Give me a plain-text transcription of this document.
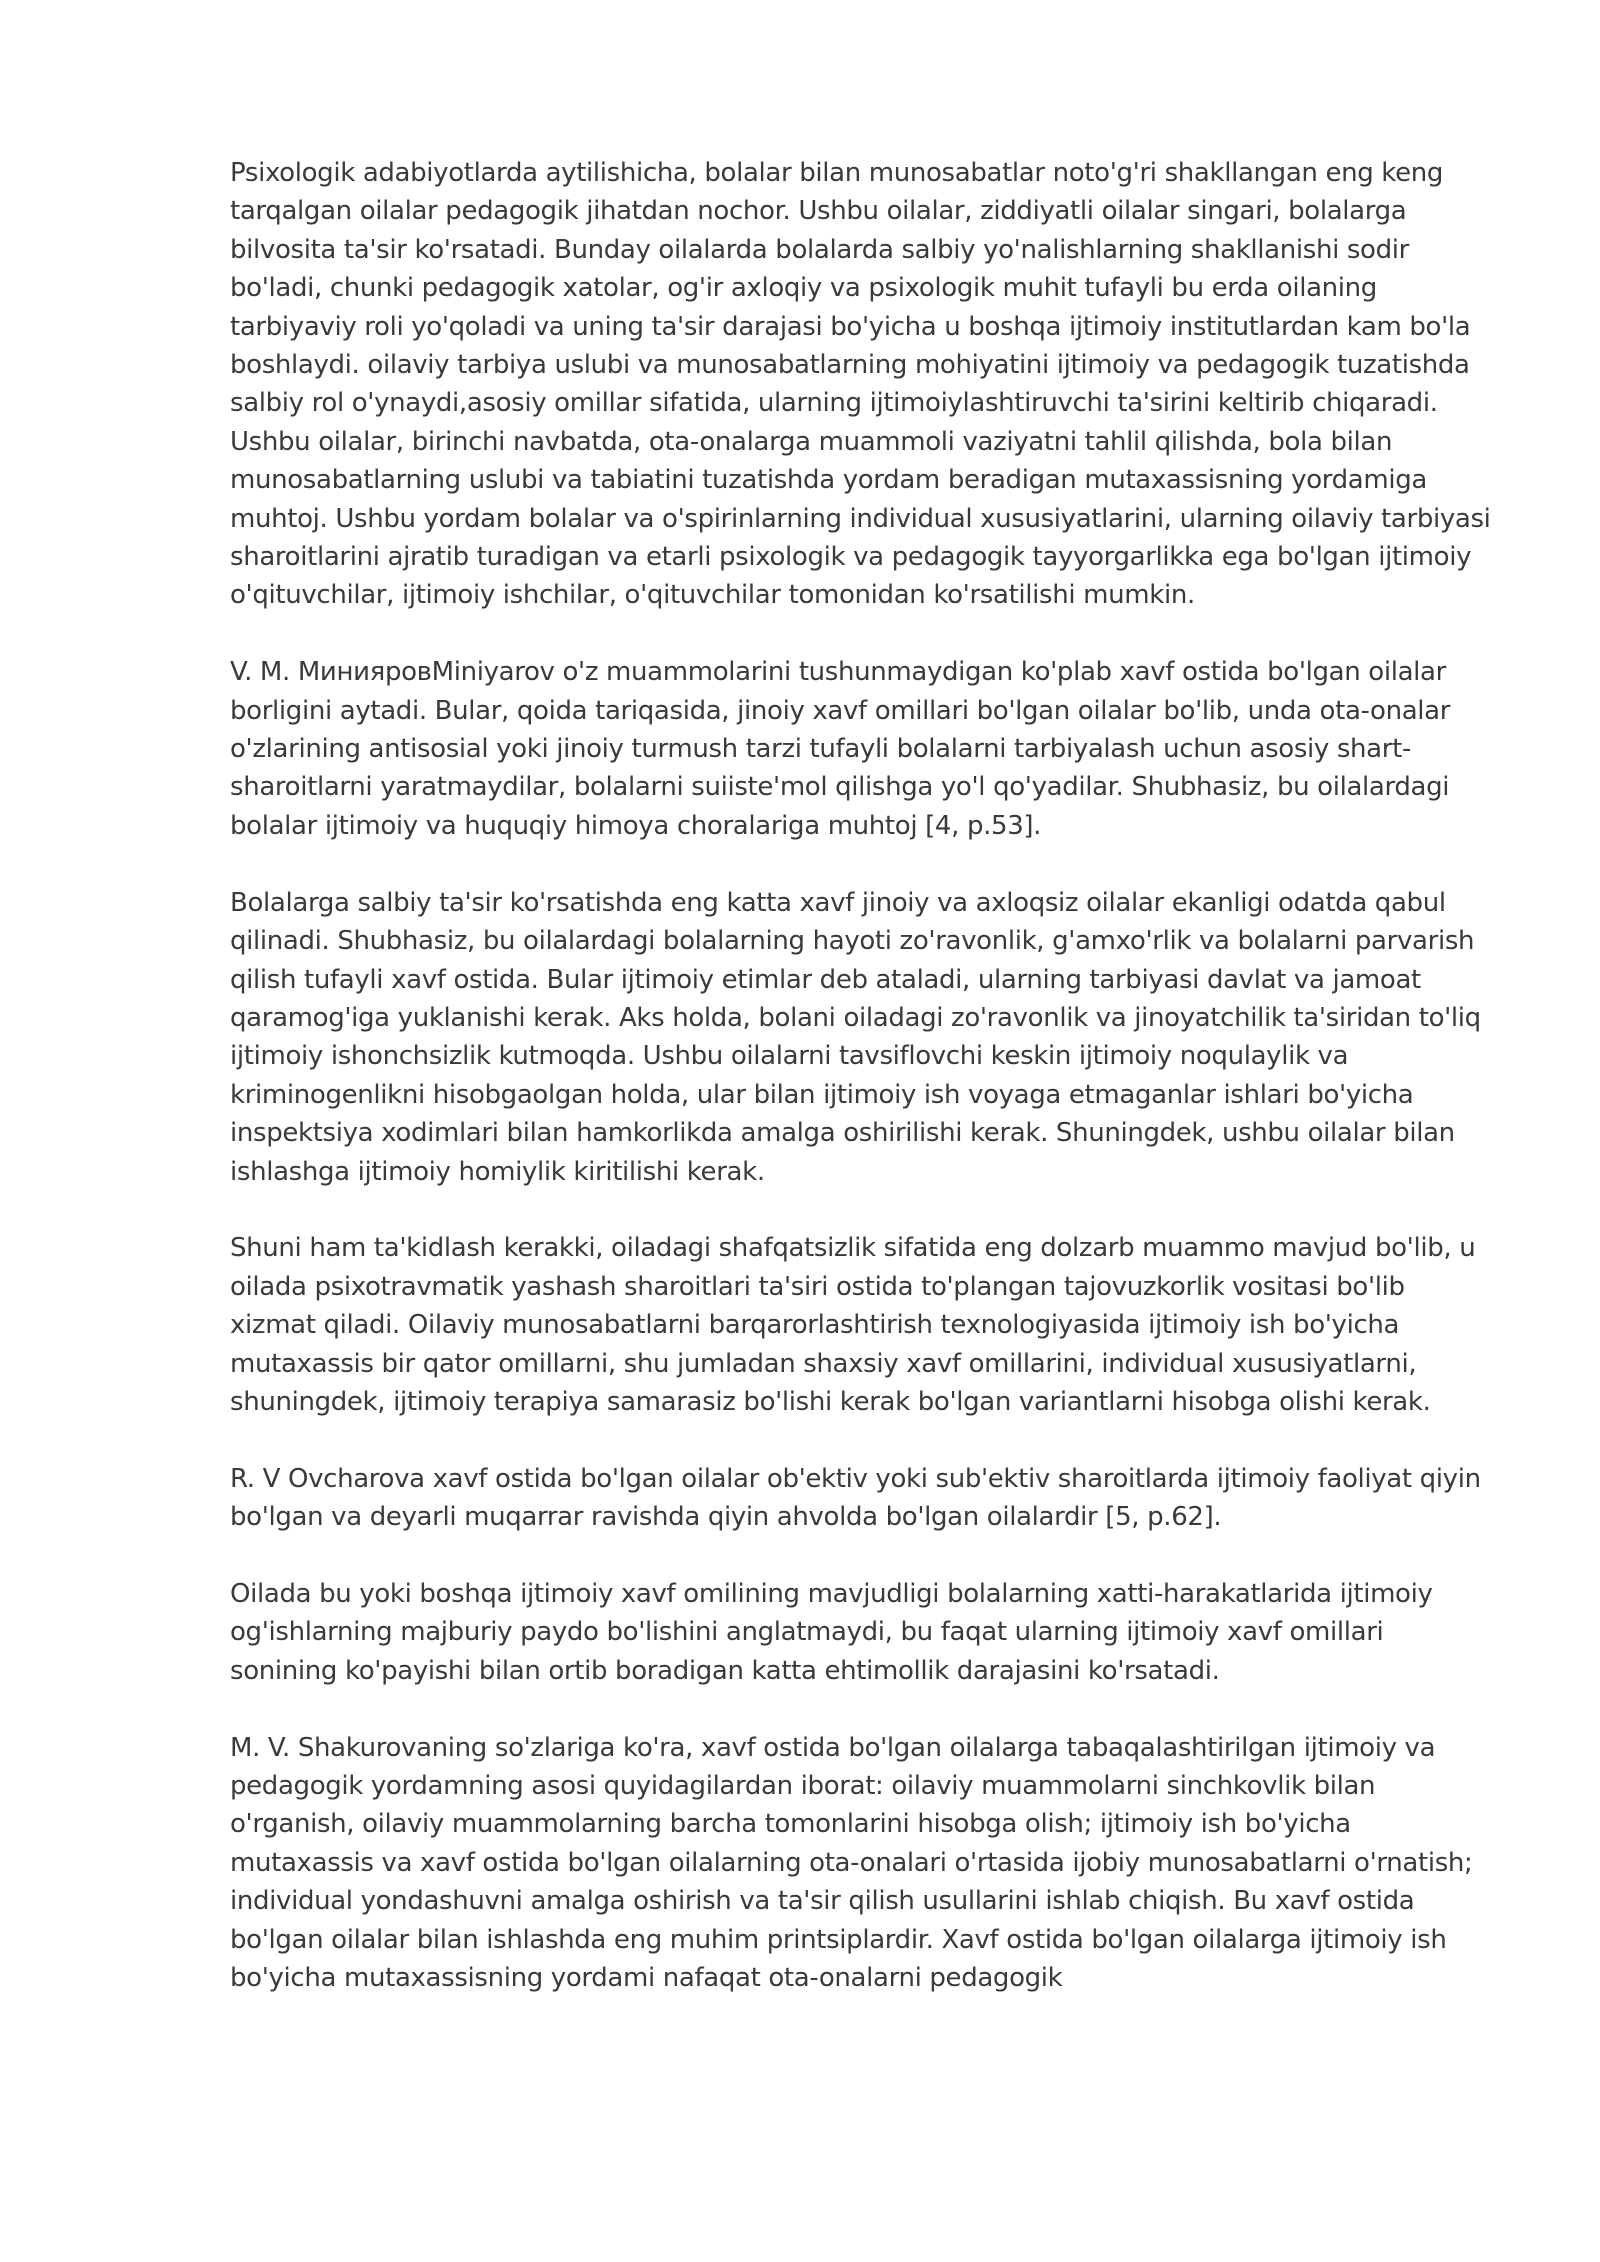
Psixologik adabiyotlarda aytilishicha, bolalar bilan munosabatlar noto'g'ri shakllangan eng keng tarqalgan oilalar pedagogik jihatdan nochor. Ushbu oilalar, ziddiyatli oilalar singari, bolalarga bilvosita ta'sir ko'rsatadi. Bunday oilalarda bolalarda salbiy yo'nalishlarning shakllanishi sodir bo'ladi, chunki pedagogik xatolar, og'ir axloqiy va psixologik muhit tufayli bu erda oilaning tarbiyaviy roli yo'qoladi va uning ta'sir darajasi bo'yicha u boshqa ijtimoiy institutlardan kam bo'la boshlaydi. oilaviy tarbiya uslubi va munosabatlarning mohiyatini ijtimoiy va pedagogik tuzatishda salbiy rol o'ynaydi,asosiy omillar sifatida, ularning ijtimoiylashtiruvchi ta'sirini keltirib chiqaradi. Ushbu oilalar, birinchi navbatda, ota-onalarga muammoli vaziyatni tahlil qilishda, bola bilan munosabatlarning uslubi va tabiatini tuzatishda yordam beradigan mutaxassisning yordamiga muhtoj. Ushbu yordam bolalar va o'spirinlarning individual xususiyatlarini, ularning oilaviy tarbiyasi sharoitlarini ajratib turadigan va etarli psixologik va pedagogik tayyorgarlikka ega bo'lgan ijtimoiy o'qituvchilar, ijtimoiy ishchilar, o'qituvchilar tomonidan ko'rsatilishi mumkin.

V. M. МинияровMiniyarov o'z muammolarini tushunmaydigan ko'plab xavf ostida bo'lgan oilalar borligini aytadi. Bular, qoida tariqasida, jinoiy xavf omillari bo'lgan oilalar bo'lib, unda ota-onalar o'zlarining antisosial yoki jinoiy turmush tarzi tufayli bolalarni tarbiyalash uchun asosiy shart-sharoitlarni yaratmaydilar, bolalarni suiiste'mol qilishga yo'l qo'yadilar. Shubhasiz, bu oilalardagi bolalar ijtimoiy va huquqiy himoya choralariga muhtoj [4, p.53].

Bolalarga salbiy ta'sir ko'rsatishda eng katta xavf jinoiy va axloqsiz oilalar ekanligi odatda qabul qilinadi. Shubhasiz, bu oilalardagi bolalarning hayoti zo'ravonlik, g'amxo'rlik va bolalarni parvarish qilish tufayli xavf ostida. Bular ijtimoiy etimlar deb ataladi, ularning tarbiyasi davlat va jamoat qaramog'iga yuklanishi kerak. Aks holda, bolani oiladagi zo'ravonlik va jinoyatchilik ta'siridan to'liq ijtimoiy ishonchsizlik kutmoqda. Ushbu oilalarni tavsiflovchi keskin ijtimoiy noqulaylik va kriminogenlikni hisobgaolgan holda, ular bilan ijtimoiy ish voyaga etmaganlar ishlari bo'yicha inspektsiya xodimlari bilan hamkorlikda amalga oshirilishi kerak. Shuningdek, ushbu oilalar bilan ishlashga ijtimoiy homiylik kiritilishi kerak.

Shuni ham ta'kidlash kerakki, oiladagi shafqatsizlik sifatida eng dolzarb muammo mavjud bo'lib, u oilada psixotravmatik yashash sharoitlari ta'siri ostida to'plangan tajovuzkorlik vositasi bo'lib xizmat qiladi. Oilaviy munosabatlarni barqarorlashtirish texnologiyasida ijtimoiy ish bo'yicha mutaxassis bir qator omillarni, shu jumladan shaxsiy xavf omillarini, individual xususiyatlarni, shuningdek, ijtimoiy terapiya samarasiz bo'lishi kerak bo'lgan variantlarni hisobga olishi kerak.

R. V Ovcharova xavf ostida bo'lgan oilalar ob'ektiv yoki sub'ektiv sharoitlarda ijtimoiy faoliyat qiyin bo'lgan va deyarli muqarrar ravishda qiyin ahvolda bo'lgan oilalardir [5, p.62].

Oilada bu yoki boshqa ijtimoiy xavf omilining mavjudligi bolalarning xatti-harakatlarida ijtimoiy og'ishlarning majburiy paydo bo'lishini anglatmaydi, bu faqat ularning ijtimoiy xavf omillari sonining ko'payishi bilan ortib boradigan katta ehtimollik darajasini ko'rsatadi.

M. V. Shakurovaning so'zlariga ko'ra, xavf ostida bo'lgan oilalarga tabaqalashtirilgan ijtimoiy va pedagogik yordamning asosi quyidagilardan iborat: oilaviy muammolarni sinchkovlik bilan o'rganish, oilaviy muammolarning barcha tomonlarini hisobga olish; ijtimoiy ish bo'yicha mutaxassis va xavf ostida bo'lgan oilalarning ota-onalari o'rtasida ijobiy munosabatlarni o'rnatish; individual yondashuvni amalga oshirish va ta'sir qilish usullarini ishlab chiqish. Bu xavf ostida bo'lgan oilalar bilan ishlashda eng muhim printsiplardir. Xavf ostida bo'lgan oilalarga ijtimoiy ish bo'yicha mutaxassisning yordami nafaqat ota-onalarni pedagogik
